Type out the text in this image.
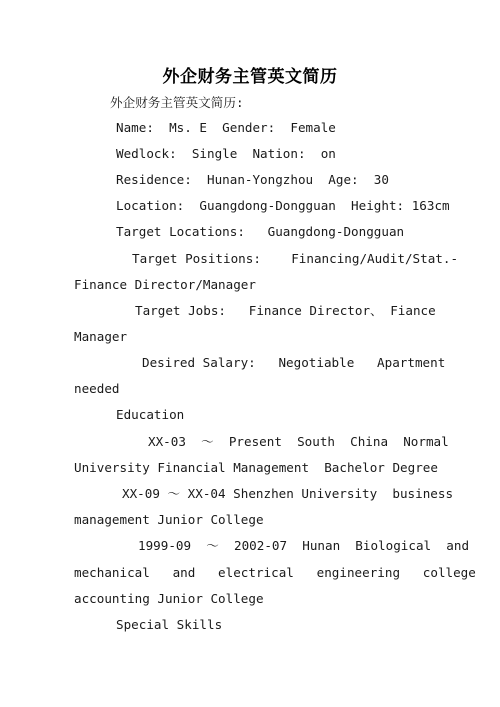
外企财务主管英文简历
外企财务主管英文简历:
Name:  Ms. E  Gender:  Female
Wedlock:  Single  Nation:  on
Residence:  Hunan-Yongzhou  Age:  30
Location:  Guangdong-Dongguan  Height: 163cm
Target Locations:   Guangdong-Dongguan
Target Positions:    Financing/Audit/Stat.-
Finance Director/Manager
Target Jobs:   Finance Director、 Fiance
Manager
Desired Salary:   Negotiable   Apartment
needed
Education
XX-03  ～  Present  South  China  Normal
University Financial Management  Bachelor Degree
XX-09 ～ XX-04 Shenzhen University  business
management Junior College
1999-09  ～  2002-07  Hunan  Biological  and
mechanical   and   electrical   engineering   college
accounting Junior College
Special Skills
